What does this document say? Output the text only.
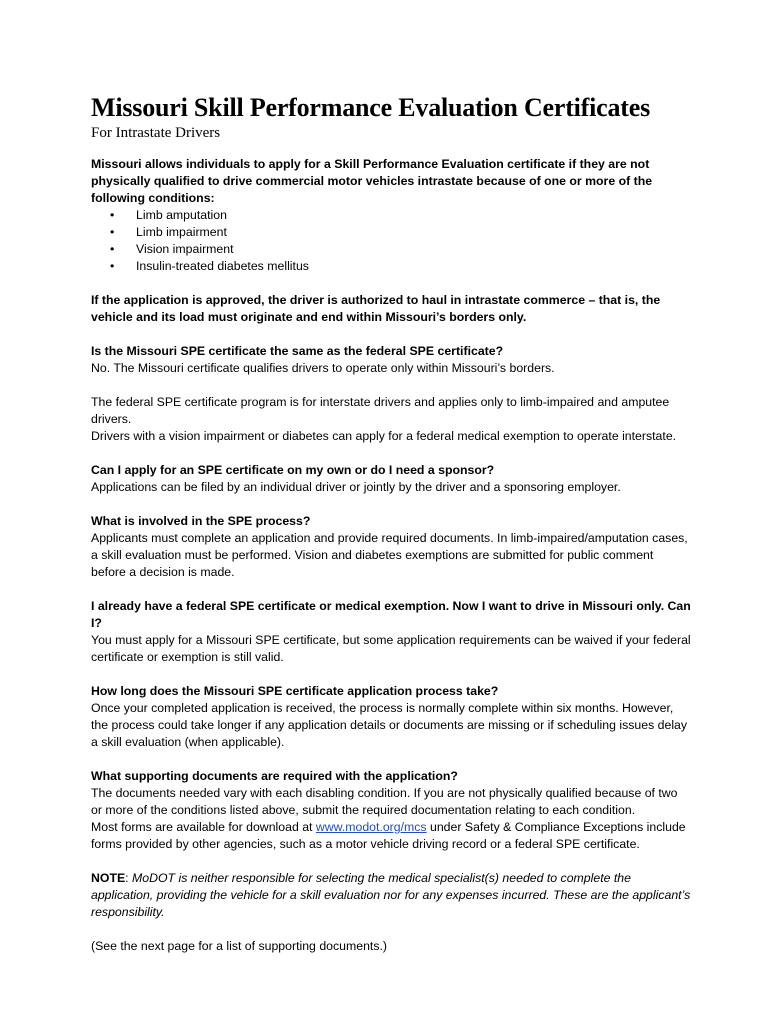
Missouri Skill Performance Evaluation Certificates

For Intrastate Drivers

Missouri allows individuals to apply for a Skill Performance Evaluation certificate if they are not physically qualified to drive commercial motor vehicles intrastate because of one or more of the following conditions:

• Limb amputation
• Limb impairment
• Vision impairment
• Insulin-treated diabetes mellitus

If the application is approved, the driver is authorized to haul in intrastate commerce – that is, the vehicle and its load must originate and end within Missouri’s borders only.

Is the Missouri SPE certificate the same as the federal SPE certificate?

No. The Missouri certificate qualifies drivers to operate only within Missouri’s borders.

The federal SPE certificate program is for interstate drivers and applies only to limb-impaired and amputee drivers.

Drivers with a vision impairment or diabetes can apply for a federal medical exemption to operate interstate.

Can I apply for an SPE certificate on my own or do I need a sponsor?

Applications can be filed by an individual driver or jointly by the driver and a sponsoring employer.

What is involved in the SPE process?

Applicants must complete an application and provide required documents. In limb-impaired/amputation cases, a skill evaluation must be performed. Vision and diabetes exemptions are submitted for public comment before a decision is made.

I already have a federal SPE certificate or medical exemption. Now I want to drive in Missouri only. Can I?

You must apply for a Missouri SPE certificate, but some application requirements can be waived if your federal certificate or exemption is still valid.

How long does the Missouri SPE certificate application process take?

Once your completed application is received, the process is normally complete within six months. However, the process could take longer if any application details or documents are missing or if scheduling issues delay a skill evaluation (when applicable).

What supporting documents are required with the application?

The documents needed vary with each disabling condition. If you are not physically qualified because of two or more of the conditions listed above, submit the required documentation relating to each condition.

Most forms are available for download at www.modot.org/mcs under Safety & Compliance Exceptions include forms provided by other agencies, such as a motor vehicle driving record or a federal SPE certificate.

NOTE: MoDOT is neither responsible for selecting the medical specialist(s) needed to complete the application, providing the vehicle for a skill evaluation nor for any expenses incurred. These are the applicant’s responsibility.

(See the next page for a list of supporting documents.)
